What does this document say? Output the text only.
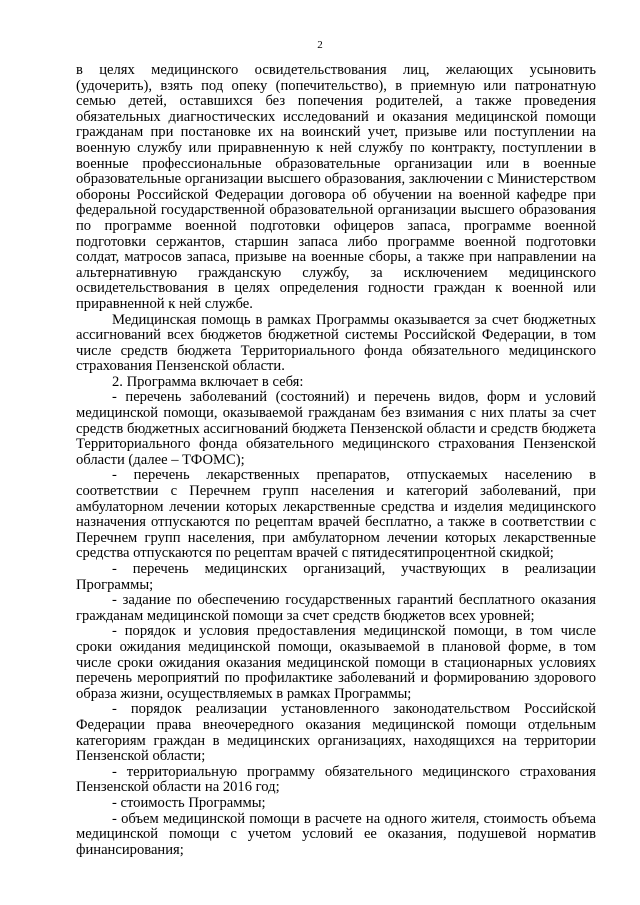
2

в целях медицинского освидетельствования лиц, желающих усыновить (удочерить), взять под опеку (попечительство), в приемную или патронатную семью детей, оставшихся без попечения родителей, а также проведения обязательных диагностических исследований и оказания медицинской помощи гражданам при постановке их на воинский учет, призыве или поступлении на военную службу или приравненную к ней службу по контракту, поступлении в военные профессиональные образовательные организации или в военные образовательные организации высшего образования, заключении с Министерством обороны Российской Федерации договора об обучении на военной кафедре при федеральной государственной образовательной организации высшего образования по программе военной подготовки офицеров запаса, программе военной подготовки сержантов, старшин запаса либо программе военной подготовки солдат, матросов запаса, призыве на военные сборы, а также при направлении на альтернативную гражданскую службу, за исключением медицинского освидетельствования в целях определения годности граждан к военной или приравненной к ней службе.

Медицинская помощь в рамках Программы оказывается за счет бюджетных ассигнований всех бюджетов бюджетной системы Российской Федерации, в том числе средств бюджета Территориального фонда обязательного медицинского страхования Пензенской области.

2. Программа включает в себя:

- перечень заболеваний (состояний) и перечень видов, форм и условий медицинской помощи, оказываемой гражданам без взимания с них платы за счет средств бюджетных ассигнований бюджета Пензенской области и средств бюджета Территориального фонда обязательного медицинского страхования Пензенской области (далее – ТФОМС);

- перечень лекарственных препаратов, отпускаемых населению в соответствии с Перечнем групп населения и категорий заболеваний, при амбулаторном лечении которых лекарственные средства и изделия медицинского назначения отпускаются по рецептам врачей бесплатно, а также в соответствии с Перечнем групп населения, при амбулаторном лечении которых лекарственные средства отпускаются по рецептам врачей с пятидесятипроцентной скидкой;

- перечень медицинских организаций, участвующих в реализации Программы;

- задание по обеспечению государственных гарантий бесплатного оказания гражданам медицинской помощи за счет средств бюджетов всех уровней;

- порядок и условия предоставления медицинской помощи, в том числе сроки ожидания медицинской помощи, оказываемой в плановой форме, в том числе сроки ожидания оказания медицинской помощи в стационарных условиях перечень мероприятий по профилактике заболеваний и формированию здорового образа жизни, осуществляемых в рамках Программы;

- порядок реализации установленного законодательством Российской Федерации права внеочередного оказания медицинской помощи отдельным категориям граждан в медицинских организациях, находящихся на территории Пензенской области;

- территориальную программу обязательного медицинского страхования Пензенской области на 2016 год;

- стоимость Программы;

- объем медицинской помощи в расчете на одного жителя, стоимость объема медицинской помощи с учетом условий ее оказания, подушевой норматив финансирования;
